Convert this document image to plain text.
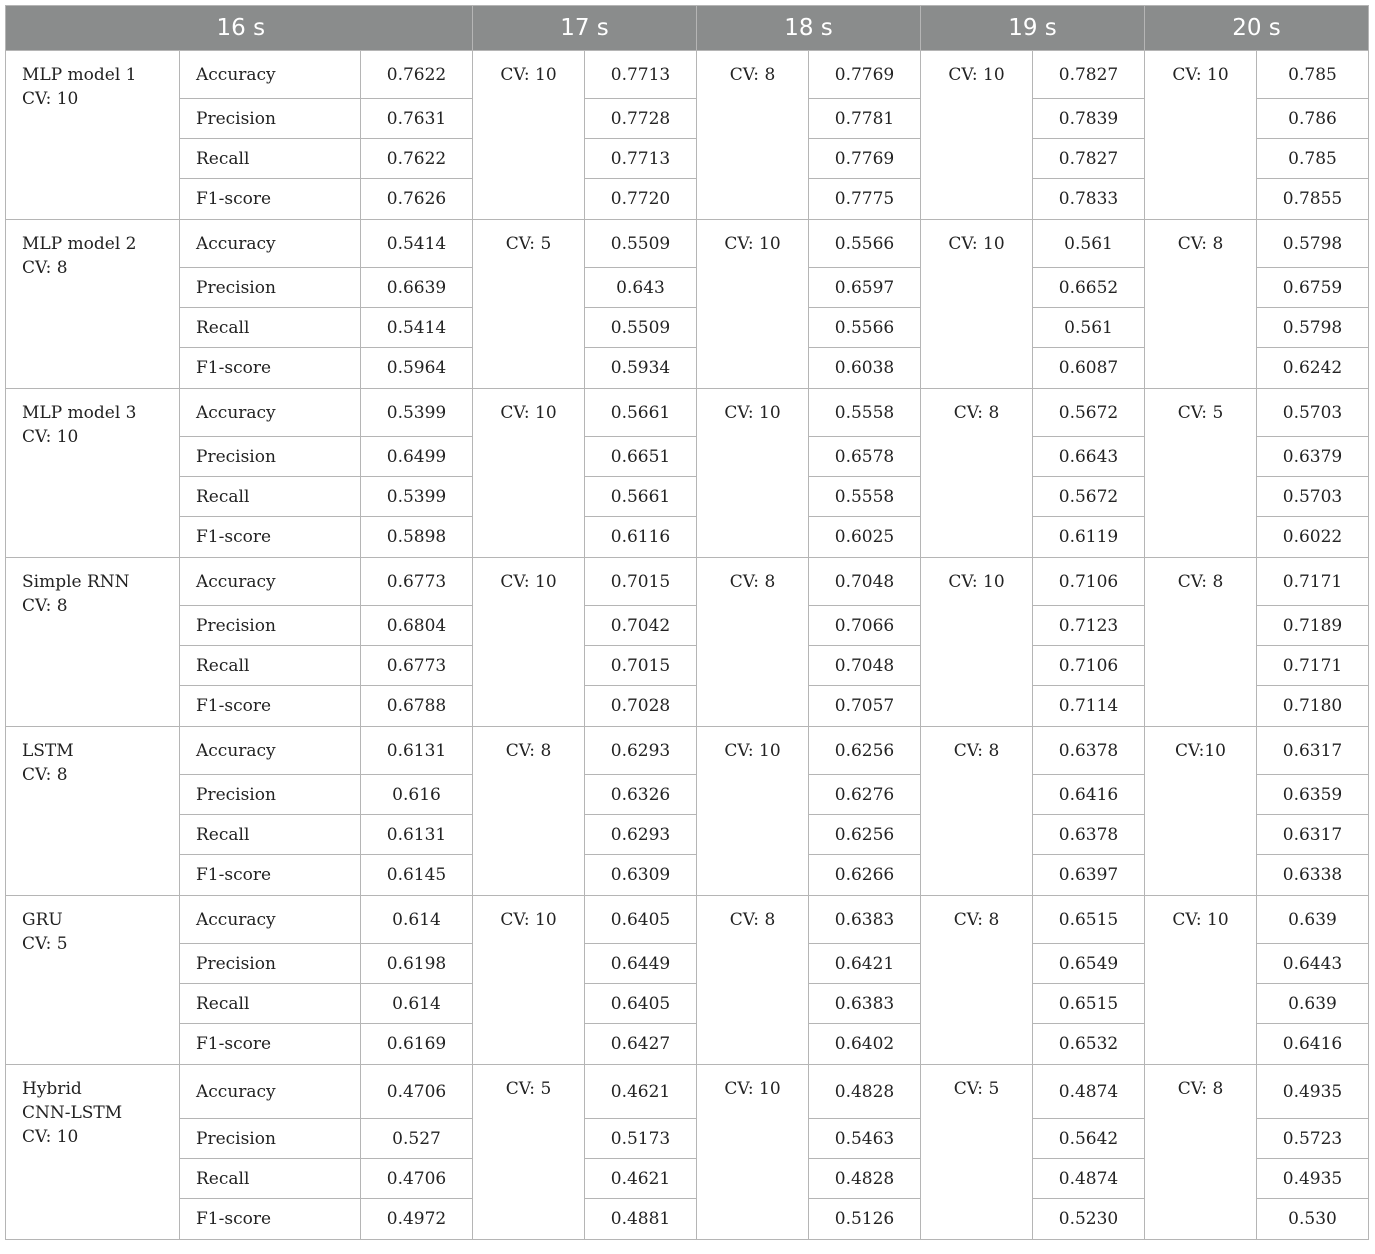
	16 s		17 s		18 s		19 s		20 s	

MLP model 1
CV: 10	Accuracy	0.7622	CV: 10	0.7713	CV: 8	0.7769	CV: 10	0.7827	CV: 10	0.785
	Precision	0.7631		0.7728		0.7781		0.7839		0.786
	Recall	0.7622		0.7713		0.7769		0.7827		0.785
	F1-score	0.7626		0.7720		0.7775		0.7833		0.7855

MLP model 2
CV: 8	Accuracy	0.5414	CV: 5	0.5509	CV: 10	0.5566	CV: 10	0.561	CV: 8	0.5798
	Precision	0.6639		0.643		0.6597		0.6652		0.6759
	Recall	0.5414		0.5509		0.5566		0.561		0.5798
	F1-score	0.5964		0.5934		0.6038		0.6087		0.6242

MLP model 3
CV: 10	Accuracy	0.5399	CV: 10	0.5661	CV: 10	0.5558	CV: 8	0.5672	CV: 5	0.5703
	Precision	0.6499		0.6651		0.6578		0.6643		0.6379
	Recall	0.5399		0.5661		0.5558		0.5672		0.5703
	F1-score	0.5898		0.6116		0.6025		0.6119		0.6022

Simple RNN
CV: 8	Accuracy	0.6773	CV: 10	0.7015	CV: 8	0.7048	CV: 10	0.7106	CV: 8	0.7171
	Precision	0.6804		0.7042		0.7066		0.7123		0.7189
	Recall	0.6773		0.7015		0.7048		0.7106		0.7171
	F1-score	0.6788		0.7028		0.7057		0.7114		0.7180

LSTM
CV: 8	Accuracy	0.6131	CV: 8	0.6293	CV: 10	0.6256	CV: 8	0.6378	CV:10	0.6317
	Precision	0.616		0.6326		0.6276		0.6416		0.6359
	Recall	0.6131		0.6293		0.6256		0.6378		0.6317
	F1-score	0.6145		0.6309		0.6266		0.6397		0.6338

GRU
CV: 5	Accuracy	0.614	CV: 10	0.6405	CV: 8	0.6383	CV: 8	0.6515	CV: 10	0.639
	Precision	0.6198		0.6449		0.6421		0.6549		0.6443
	Recall	0.614		0.6405		0.6383		0.6515		0.639
	F1-score	0.6169		0.6427		0.6402		0.6532		0.6416

Hybrid
CNN-LSTM
CV: 10	Accuracy	0.4706	CV: 5	0.4621	CV: 10	0.4828	CV: 5	0.4874	CV: 8	0.4935
	Precision	0.527		0.5173		0.5463		0.5642		0.5723
	Recall	0.4706		0.4621		0.4828		0.4874		0.4935
	F1-score	0.4972		0.4881		0.5126		0.5230		0.530
